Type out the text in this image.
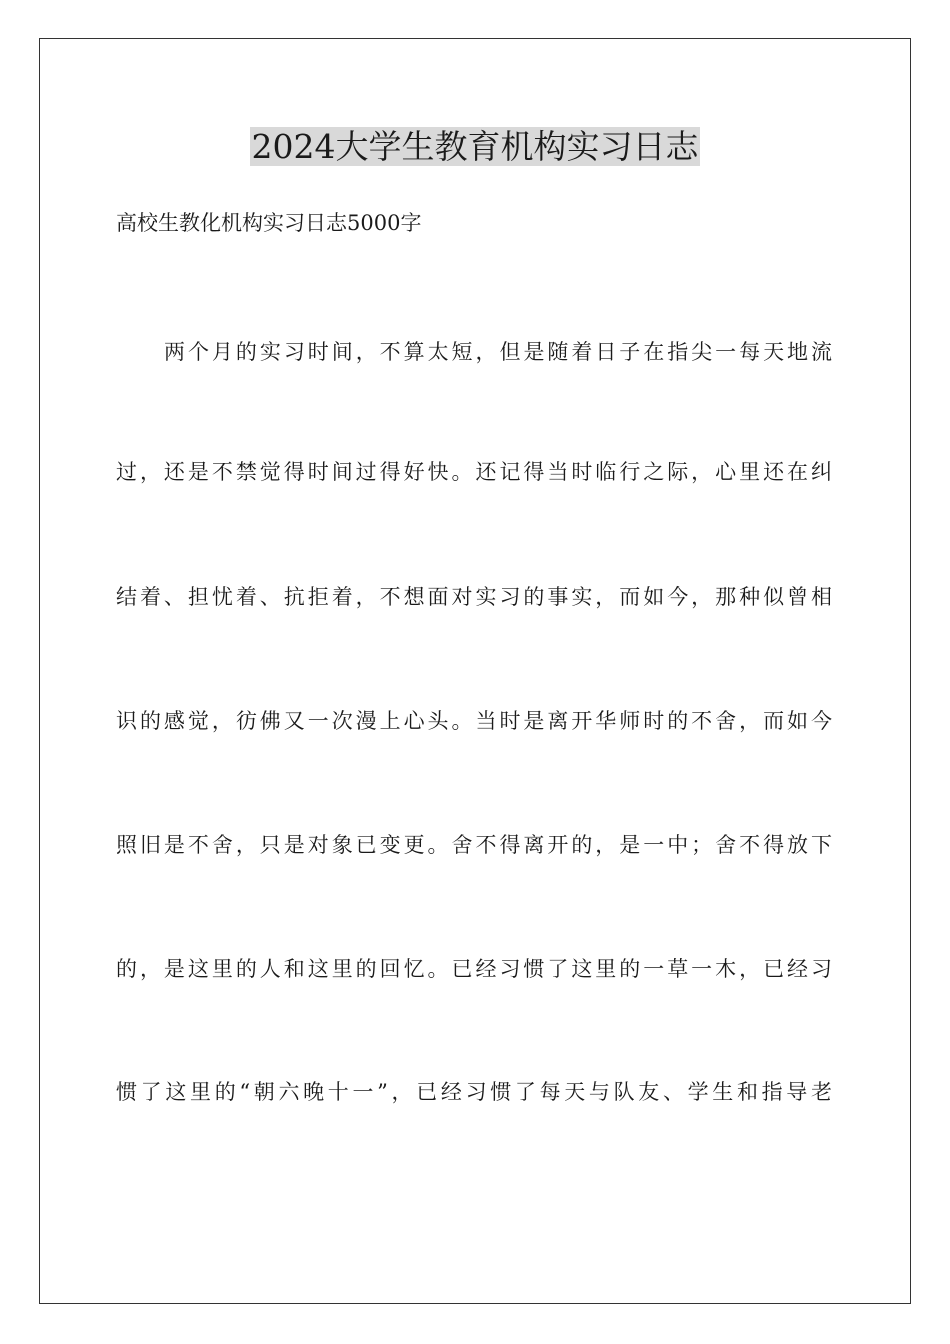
2024大学生教育机构实习日志
高校生教化机构实习日志5000字
两个月的实习时间，不算太短，但是随着日子在指尖一每天地流
过，还是不禁觉得时间过得好快。还记得当时临行之际，心里还在纠
结着、担忧着、抗拒着，不想面对实习的事实，而如今，那种似曾相
识的感觉，彷佛又一次漫上心头。当时是离开华师时的不舍，而如今
照旧是不舍，只是对象已变更。舍不得离开的，是一中；舍不得放下
的，是这里的人和这里的回忆。已经习惯了这里的一草一木，已经习
惯了这里的“朝六晚十一”，已经习惯了每天与队友、学生和指导老
